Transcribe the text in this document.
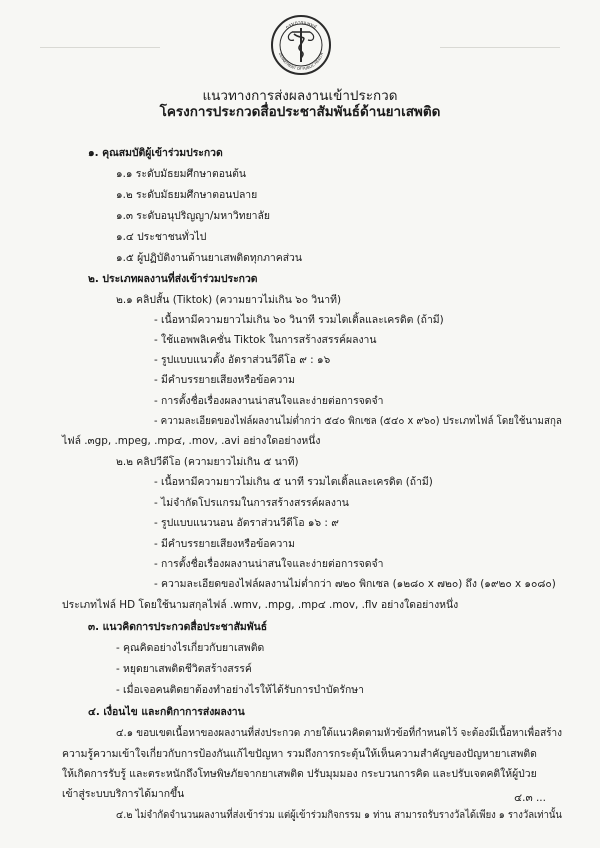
กรมการแพทย์
DEPARTMENT OF PUBLIC HEALTH
แนวทางการส่งผลงานเข้าประกวด
โครงการประกวดสื่อประชาสัมพันธ์ด้านยาเสพติด
๑. คุณสมบัติผู้เข้าร่วมประกวด
๑.๑ ระดับมัธยมศึกษาตอนต้น
๑.๒ ระดับมัธยมศึกษาตอนปลาย
๑.๓ ระดับอนุปริญญา/มหาวิทยาลัย
๑.๔ ประชาชนทั่วไป
๑.๕ ผู้ปฏิบัติงานด้านยาเสพติดทุกภาคส่วน
๒. ประเภทผลงานที่ส่งเข้าร่วมประกวด
๒.๑ คลิปสั้น (Tiktok) (ความยาวไม่เกิน ๖๐ วินาที)
- เนื้อหามีความยาวไม่เกิน ๖๐ วินาที รวมไตเติ้ลและเครดิต (ถ้ามี)
- ใช้แอพพลิเคชั่น Tiktok ในการสร้างสรรค์ผลงาน
- รูปแบบแนวตั้ง อัตราส่วนวีดีโอ ๙ : ๑๖
- มีคำบรรยายเสียงหรือข้อความ
- การตั้งชื่อเรื่องผลงานน่าสนใจและง่ายต่อการจดจำ
- ความละเอียดของไฟล์ผลงานไม่ต่ำกว่า ๕๔๐ พิกเซล (๕๔๐ x ๙๖๐) ประเภทไฟล์ โดยใช้นามสกุล
ไฟล์ .๓gp, .mpeg, .mp๔, .mov, .avi อย่างใดอย่างหนึ่ง
๒.๒ คลิปวีดีโอ (ความยาวไม่เกิน ๕ นาที)
- เนื้อหามีความยาวไม่เกิน ๕ นาที รวมไตเติ้ลและเครดิต (ถ้ามี)
- ไม่จำกัดโปรแกรมในการสร้างสรรค์ผลงาน
- รูปแบบแนวนอน อัตราส่วนวีดีโอ ๑๖ : ๙
- มีคำบรรยายเสียงหรือข้อความ
- การตั้งชื่อเรื่องผลงานน่าสนใจและง่ายต่อการจดจำ
- ความละเอียดของไฟล์ผลงานไม่ต่ำกว่า ๗๒๐ พิกเซล (๑๒๘๐ x ๗๒๐) ถึง (๑๙๒๐ x ๑๐๘๐)
ประเภทไฟล์ HD โดยใช้นามสกุลไฟล์ .wmv, .mpg, .mp๔ .mov, .flv อย่างใดอย่างหนึ่ง
๓. แนวคิดการประกวดสื่อประชาสัมพันธ์
- คุณคิดอย่างไรเกี่ยวกับยาเสพติด
- หยุดยาเสพติดชีวิตสร้างสรรค์
- เมื่อเจอคนติดยาต้องทำอย่างไรให้ได้รับการบำบัดรักษา
๔. เงื่อนไข และกติกาการส่งผลงาน
๔.๑ ขอบเขตเนื้อหาของผลงานที่ส่งประกวด ภายใต้แนวคิดตามหัวข้อที่กำหนดไว้ จะต้องมีเนื้อหาเพื่อสร้าง
ความรู้ความเข้าใจเกี่ยวกับการป้องกันแก้ไขปัญหา รวมถึงการกระตุ้นให้เห็นความสำคัญของปัญหายาเสพติด
ให้เกิดการรับรู้ และตระหนักถึงโทษพิษภัยจากยาเสพติด ปรับมุมมอง กระบวนการคิด และปรับเจตคติให้ผู้ป่วย
เข้าสู่ระบบบริการได้มากขึ้น
๔.๒ ไม่จำกัดจำนวนผลงานที่ส่งเข้าร่วม แต่ผู้เข้าร่วมกิจกรรม ๑ ท่าน สามารถรับรางวัลได้เพียง ๑ รางวัลเท่านั้น
๔.๓ ...
